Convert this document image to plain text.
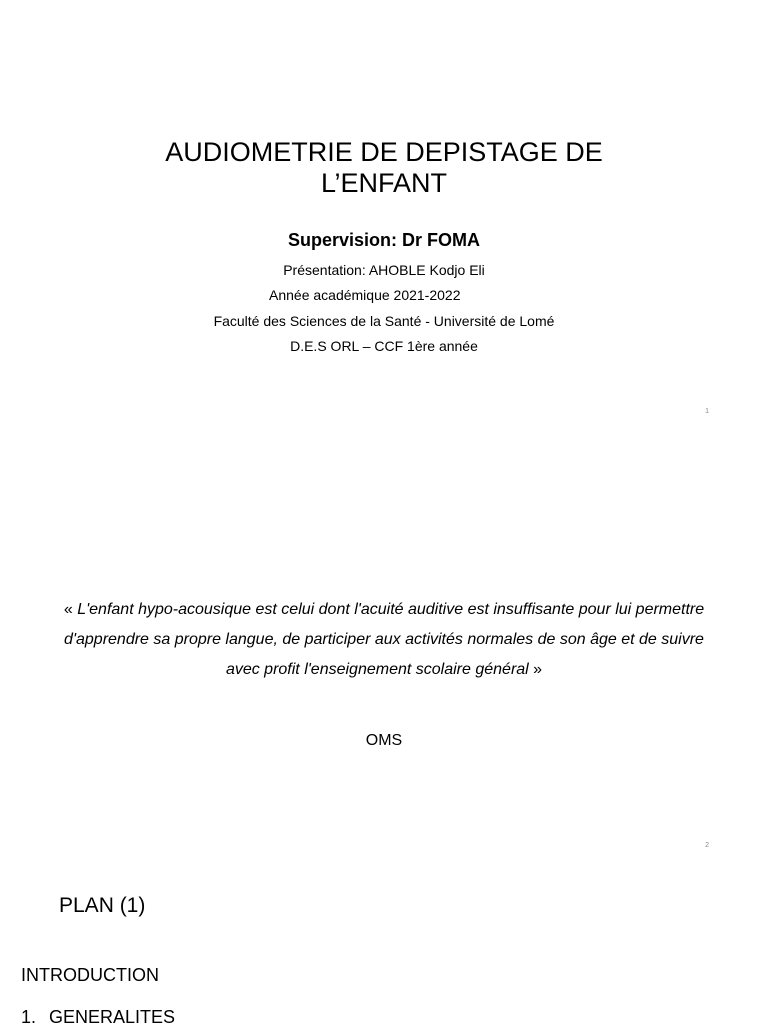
AUDIOMETRIE DE DEPISTAGE DE
L’ENFANT
Supervision: Dr FOMA
Présentation: AHOBLE Kodjo Eli
Année académique 2021-2022
Faculté des Sciences de la Santé - Université de Lomé
D.E.S ORL – CCF 1ère année
1
« L'enfant hypo-acousique est celui dont l'acuité auditive est insuffisante pour lui permettre d'apprendre sa propre langue, de participer aux activités normales de son âge et de suivre avec profit l'enseignement scolaire général »
OMS
2
PLAN (1)
INTRODUCTION
1. GENERALITES
